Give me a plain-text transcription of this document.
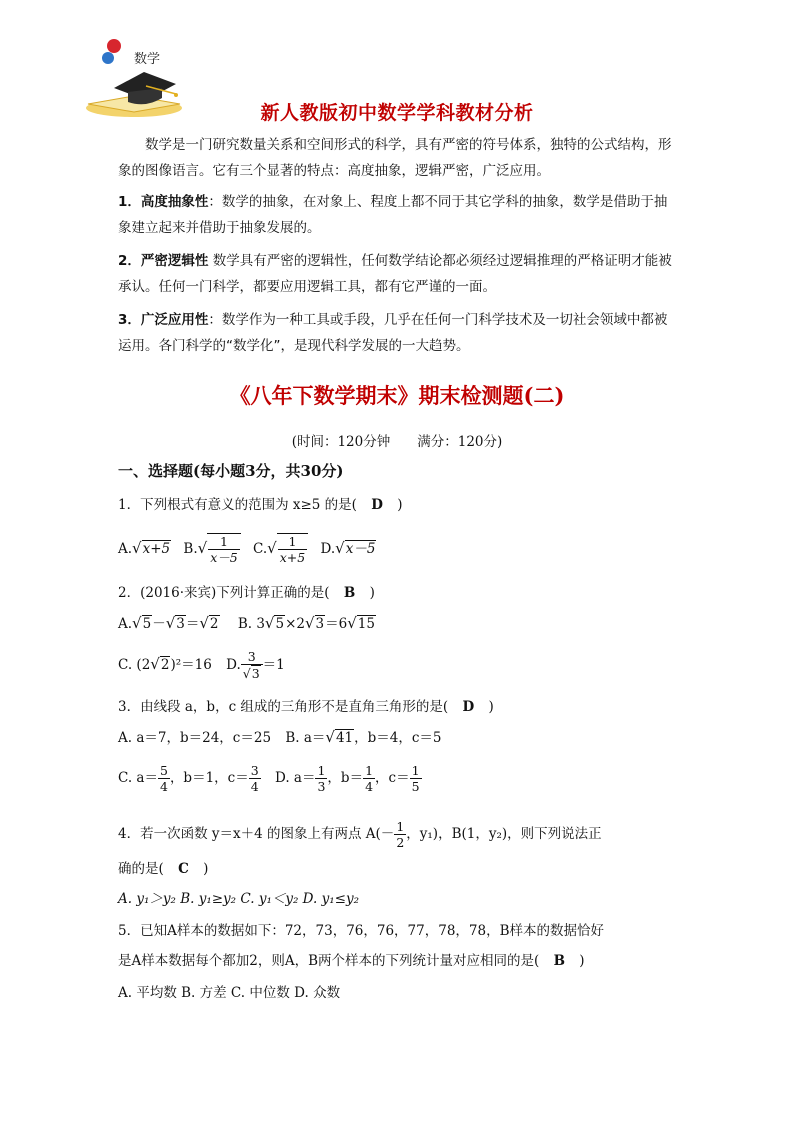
数学
新人教版初中数学学科教材分析
数学是一门研究数量关系和空间形式的科学，具有严密的符号体系，独特的公式结构，形象的图像语言。它有三个显著的特点：高度抽象，逻辑严密，广泛应用。
1．高度抽象性：数学的抽象，在对象上、程度上都不同于其它学科的抽象，数学是借助于抽象建立起来并借助于抽象发展的。
2．严密逻辑性 数学具有严密的逻辑性，任何数学结论都必须经过逻辑推理的严格证明才能被承认。任何一门科学，都要应用逻辑工具，都有它严谨的一面。
3．广泛应用性：数学作为一种工具或手段，几乎在任何一门科学技术及一切社会领域中都被运用。各门科学的“数学化”，是现代科学发展的一大趋势。
《八年下数学期末》期末检测题(二)
(时间：120分钟　　满分：120分)
一、选择题(每小题3分，共30分)
1．下列根式有意义的范围为 x≥5 的是( D )
A.√x+5 $B.√ \frac{1}{x-5} C.√ \frac{1}{x+5} D.√x-5$
2．(2016·来宾)下列计算正确的是( B )
A.√5－√3＝√2 B. 3√5×2√3＝6√15
C. (2√2)²＝16 D. $\frac{3}{√3} =1$
3．由线段 a，b，c 组成的三角形不是直角三角形的是( D )
A. a＝7，b＝24，c＝25 B. a＝√41，b＝4，c＝5
C. $a= \frac{5}{4}$ ，b＝1，$c= \frac{3}{4} D$. $a= \frac{1}{3}$ ，$b= \frac{1}{4}$ ，$c= \frac{1}{5}$
4．若一次函数 y＝x＋4 的图象上有两点 $A(- \frac{1}{2}$ ，y₁)，B(1，y₂)，则下列说法正
确的是( C )
A. y₁＞y₂ B. y₁≥y₂ C. y₁＜y₂ D. y₁≤y₂
5．已知A样本的数据如下：72，73，76，76，77，78，78，B样本的数据恰好
是A样本数据每个都加2，则A，B两个样本的下列统计量对应相同的是( B )
A. 平均数 B. 方差 C. 中位数 D. 众数
